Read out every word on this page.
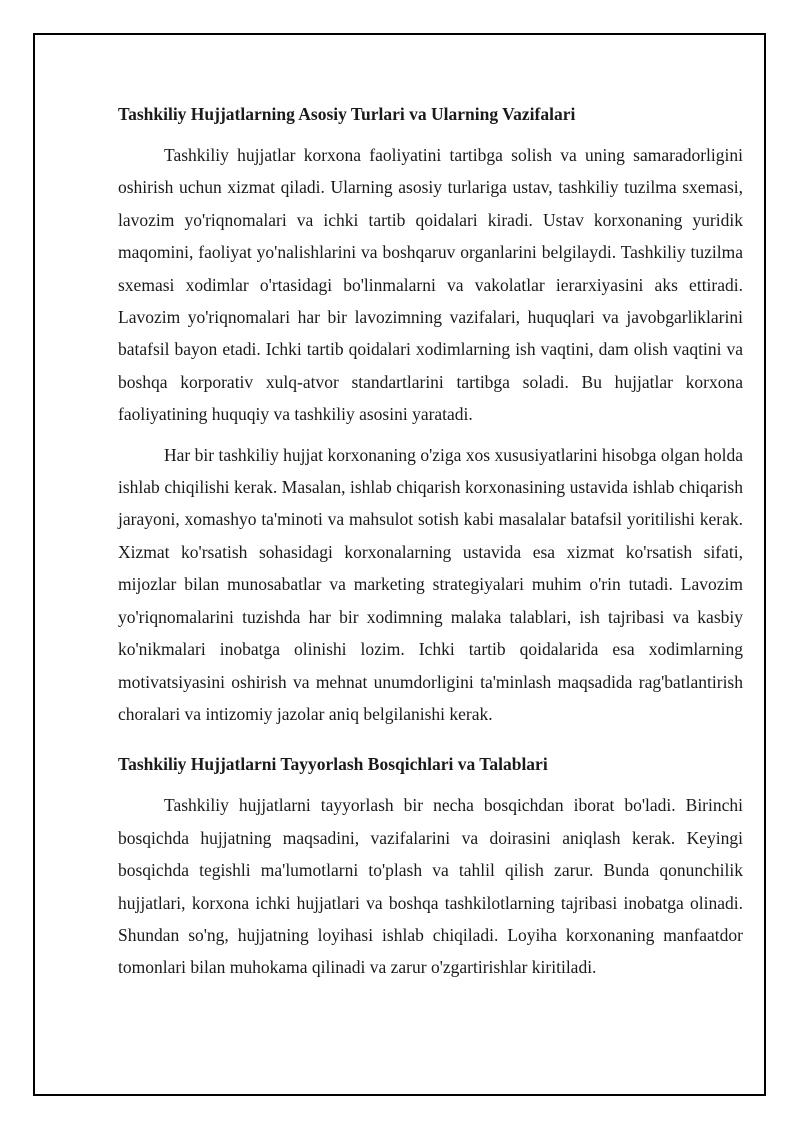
Tashkiliy Hujjatlarning Asosiy Turlari va Ularning Vazifalari

Tashkiliy hujjatlar korxona faoliyatini tartibga solish va uning samaradorligini oshirish uchun xizmat qiladi. Ularning asosiy turlariga ustav, tashkiliy tuzilma sxemasi, lavozim yo'riqnomalari va ichki tartib qoidalari kiradi. Ustav korxonaning yuridik maqomini, faoliyat yo'nalishlarini va boshqaruv organlarini belgilaydi. Tashkiliy tuzilma sxemasi xodimlar o'rtasidagi bo'linmalarni va vakolatlar ierarxiyasini aks ettiradi. Lavozim yo'riqnomalari har bir lavozimning vazifalari, huquqlari va javobgarliklarini batafsil bayon etadi. Ichki tartib qoidalari xodimlarning ish vaqtini, dam olish vaqtini va boshqa korporativ xulq-atvor standartlarini tartibga soladi. Bu hujjatlar korxona faoliyatining huquqiy va tashkiliy asosini yaratadi.

Har bir tashkiliy hujjat korxonaning o'ziga xos xususiyatlarini hisobga olgan holda ishlab chiqilishi kerak. Masalan, ishlab chiqarish korxonasining ustavida ishlab chiqarish jarayoni, xomashyo ta'minoti va mahsulot sotish kabi masalalar batafsil yoritilishi kerak. Xizmat ko'rsatish sohasidagi korxonalarning ustavida esa xizmat ko'rsatish sifati, mijozlar bilan munosabatlar va marketing strategiyalari muhim o'rin tutadi. Lavozim yo'riqnomalarini tuzishda har bir xodimning malaka talablari, ish tajribasi va kasbiy ko'nikmalari inobatga olinishi lozim. Ichki tartib qoidalarida esa xodimlarning motivatsiyasini oshirish va mehnat unumdorligini ta'minlash maqsadida rag'batlantirish choralari va intizomiy jazolar aniq belgilanishi kerak.

Tashkiliy Hujjatlarni Tayyorlash Bosqichlari va Talablari

Tashkiliy hujjatlarni tayyorlash bir necha bosqichdan iborat bo'ladi. Birinchi bosqichda hujjatning maqsadini, vazifalarini va doirasini aniqlash kerak. Keyingi bosqichda tegishli ma'lumotlarni to'plash va tahlil qilish zarur. Bunda qonunchilik hujjatlari, korxona ichki hujjatlari va boshqa tashkilotlarning tajribasi inobatga olinadi. Shundan so'ng, hujjatning loyihasi ishlab chiqiladi. Loyiha korxonaning manfaatdor tomonlari bilan muhokama qilinadi va zarur o'zgartirishlar kiritiladi.
